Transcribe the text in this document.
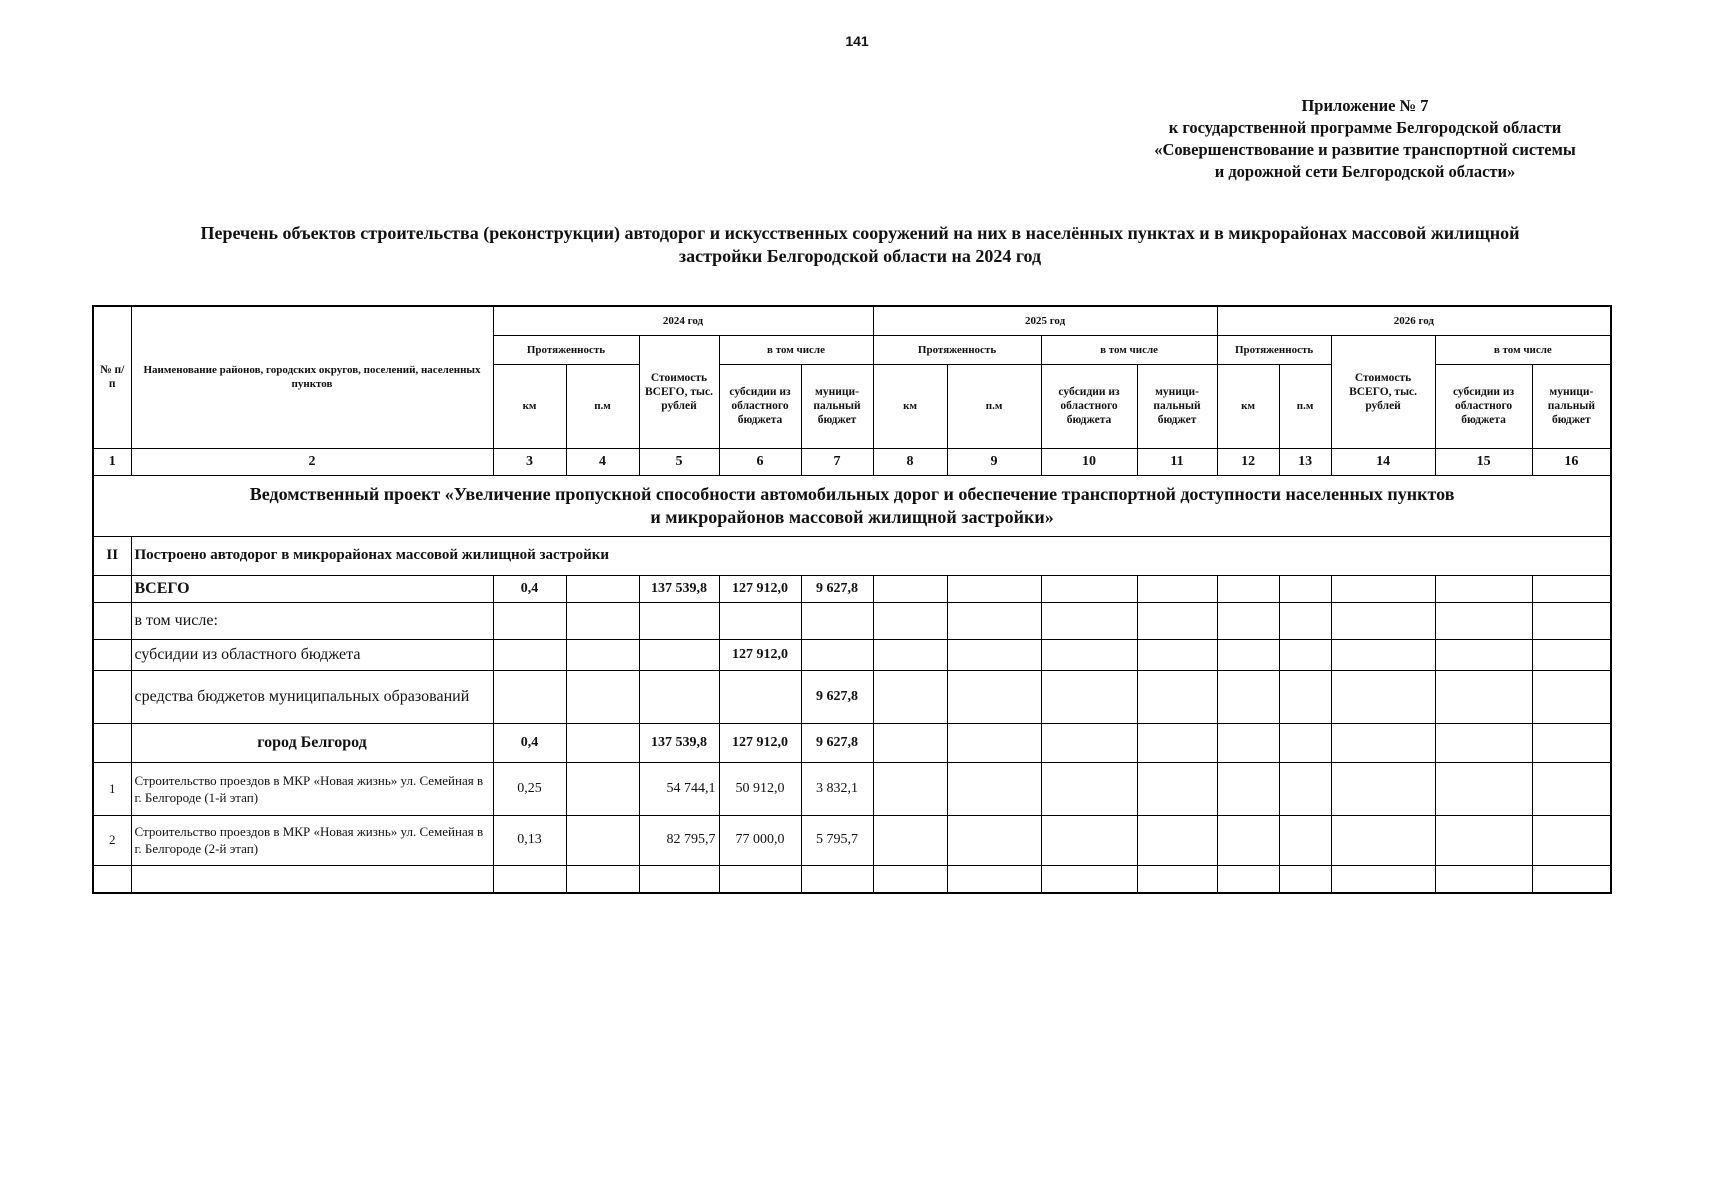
141
Приложение № 7
к государственной программе Белгородской области
«Совершенствование и развитие транспортной системы
и дорожной сети Белгородской области»
Перечень объектов строительства (реконструкции) автодорог и искусственных сооружений на них в населённых пунктах и в микрорайонах массовой жилищной
застройки Белгородской области на 2024 год
№ п/п	Наименование районов, городских округов, поселений, населенных пунктов	2024 год					2025 год				2026 год				
		Протяженность		Стоимость ВСЕГО, тыс. рублей	в том числе		Протяженность		в том числе		Протяженность		Стоимость ВСЕГО, тыс. рублей	в том числе	
		км	п.м		субсидии из областного бюджета	муници-пальный бюджет	км	п.м	субсидии из областного бюджета	муници-пальный бюджет	км	п.м		субсидии из областного бюджета	муници-пальный бюджет
1	2	3	4	5	6	7	8	9	10	11	12	13	14	15	16

Ведомственный проект «Увеличение пропускной способности автомобильных дорог и обеспечение транспортной доступности населенных пунктов
и микрорайонов массовой жилищной застройки»															

II	Построено автодорог в микрорайонах массовой жилищной застройки														
	ВСЕГО	0,4		137 539,8	127 912,0	9 627,8									
	в том числе:														
	субсидии из областного бюджета				127 912,0										
	средства бюджетов муниципальных образований					9 627,8									
	город Белгород	0,4		137 539,8	127 912,0	9 627,8									
1	Строительство проездов в МКР «Новая жизнь» ул. Семейная в г. Белгороде (1-й этап)	0,25		54 744,1	50 912,0	3 832,1									
2	Строительство проездов в МКР «Новая жизнь» ул. Семейная в г. Белгороде (2-й этап)	0,13		82 795,7	77 000,0	5 795,7									
